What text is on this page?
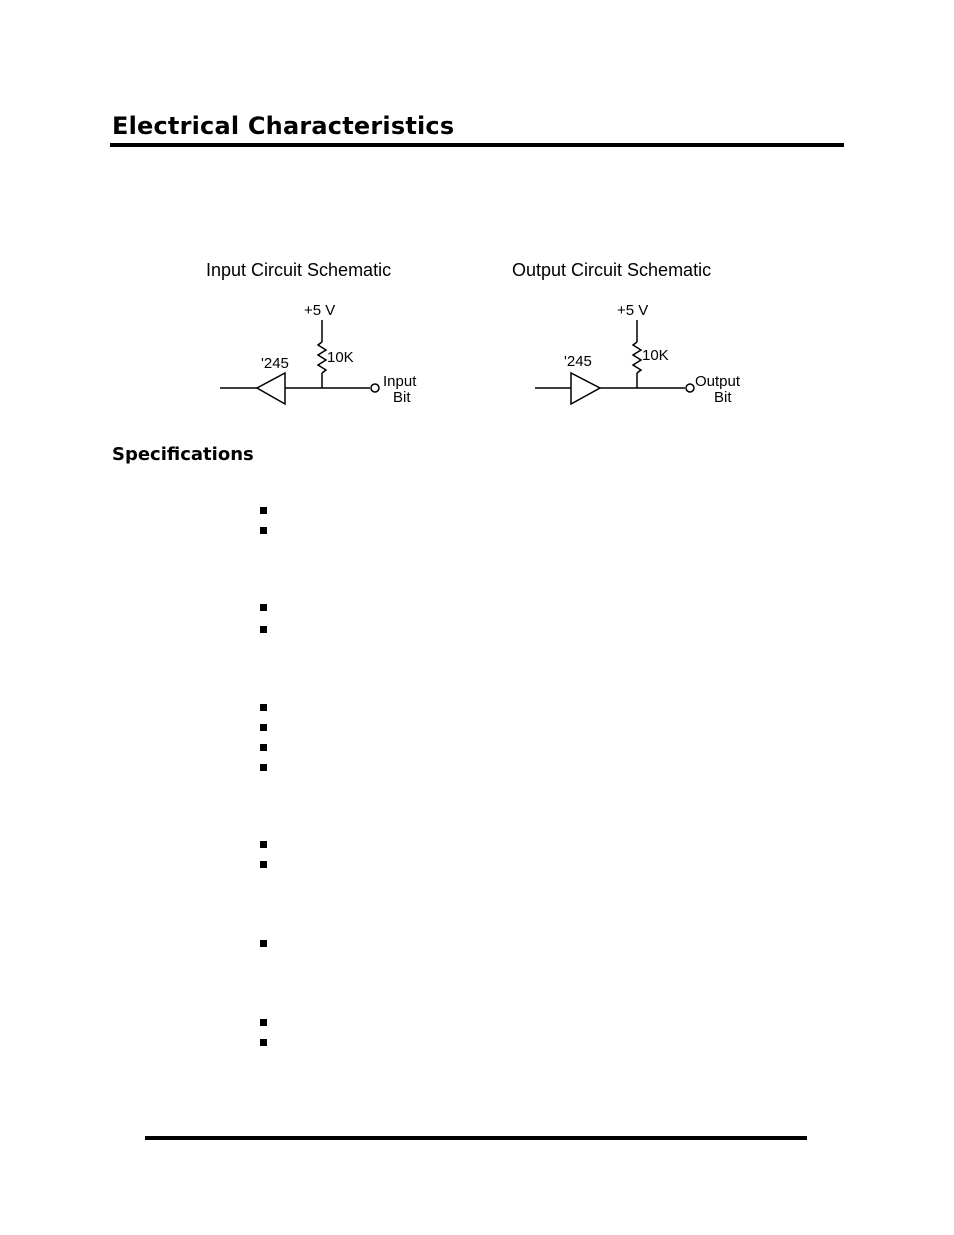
Electrical Characteristics
Input Circuit Schematic	Output Circuit Schematic
+5 V
10K
'245
Input
Bit
+5 V
10K
'245
Output
Bit
Specifications
